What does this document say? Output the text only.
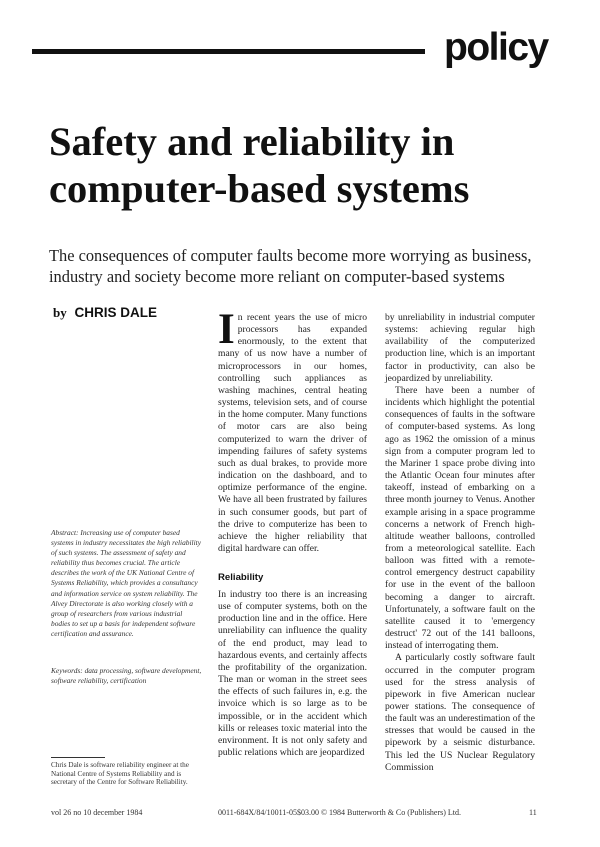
policy
Safety and reliability in computer-based systems

The consequences of computer faults become more worrying as business, industry and society become more reliant on computer-based systems

by CHRIS DALE

Abstract: Increasing use of computer based systems in industry necessitates the high reliability of such systems. The assessment of safety and reliability thus becomes crucial. The article describes the work of the UK National Centre of Systems Reliability, which provides a consultancy and information service on system reliability. The Alvey Directorate is also working closely with a group of researchers from various industrial bodies to set up a basis for independent software certification and assurance.

Keywords: data processing, software development, software reliability, certification

Chris Dale is software reliability engineer at the National Centre of Systems Reliability and is secretary of the Centre for Software Reliability.

In recent years the use of micro processors has expanded enormously, to the extent that many of us now have a number of microprocessors in our homes, controlling such appliances as washing machines, central heating systems, television sets, and of course in the home computer. Many functions of motor cars are also being computerized to warn the driver of impending failures of safety systems such as dual brakes, to provide more indication on the dashboard, and to optimize performance of the engine. We have all been frustrated by failures in such consumer goods, but part of the drive to computerize has been to achieve the higher reliability that digital hardware can offer.

Reliability

In industry too there is an increasing use of computer systems, both on the production line and in the office. Here unreliability can influence the quality of the end product, may lead to hazardous events, and certainly affects the profitability of the organization. The man or woman in the street sees the effects of such failures in, e.g. the invoice which is so large as to be impossible, or in the accident which kills or releases toxic material into the environment. It is not only safety and public relations which are jeopardized

by unreliability in industrial computer systems: achieving regular high availability of the computerized production line, which is an important factor in productivity, can also be jeopardized by unreliability.

There have been a number of incidents which highlight the potential consequences of faults in the software of computer-based systems. As long ago as 1962 the omission of a minus sign from a computer program led to the Mariner 1 space probe diving into the Atlantic Ocean four minutes after takeoff, instead of embarking on a three month journey to Venus. Another example arising in a space programme concerns a network of French high-altitude weather balloons, controlled from a meteorological satellite. Each balloon was fitted with a remote-control emergency destruct capability for use in the event of the balloon becoming a danger to aircraft. Unfortunately, a software fault on the satellite caused it to 'emergency destruct' 72 out of the 141 balloons, instead of interrogating them.

A particularly costly software fault occurred in the computer program used for the stress analysis of pipework in five American nuclear power stations. The consequence of the fault was an underestimation of the stresses that would be caused in the pipework by a seismic disturbance. This led the US Nuclear Regulatory Commission

vol 26 no 10 december 1984	0011-684X/84/10011-05$03.00 © 1984 Butterworth & Co (Publishers) Ltd.	11
